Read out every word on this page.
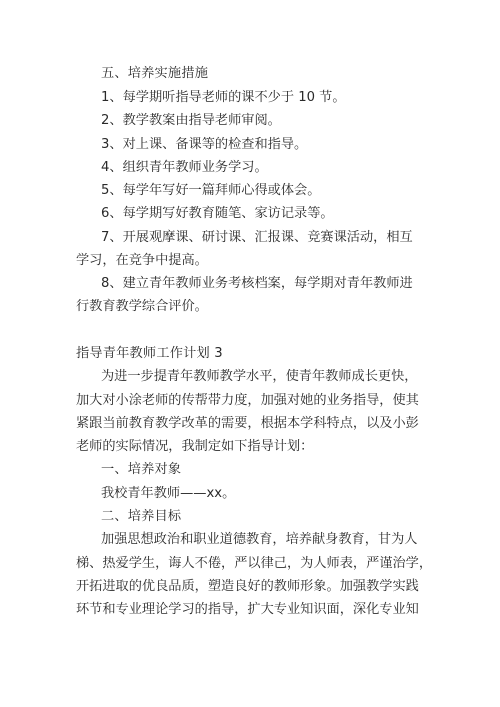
五、培养实施措施
1、每学期听指导老师的课不少于 10 节。
2、教学教案由指导老师审阅。
3、对上课、备课等的检查和指导。
4、组织青年教师业务学习。
5、每学年写好一篇拜师心得或体会。
6、每学期写好教育随笔、家访记录等。
7、开展观摩课、研讨课、汇报课、竞赛课活动，相互
学习，在竞争中提高。
8、建立青年教师业务考核档案，每学期对青年教师进
行教育教学综合评价。
指导青年教师工作计划 3
为进一步提青年教师教学水平，使青年教师成长更快，
加大对小涂老师的传帮带力度，加强对她的业务指导，使其
紧跟当前教育教学改革的需要，根据本学科特点，以及小彭
老师的实际情况，我制定如下指导计划：
一、培养对象
我校青年教师——xx。
二、培养目标
加强思想政治和职业道德教育，培养献身教育，甘为人
梯、热爱学生，诲人不倦，严以律己，为人师表，严谨治学，
开拓进取的优良品质，塑造良好的教师形象。加强教学实践
环节和专业理论学习的指导，扩大专业知识面，深化专业知
